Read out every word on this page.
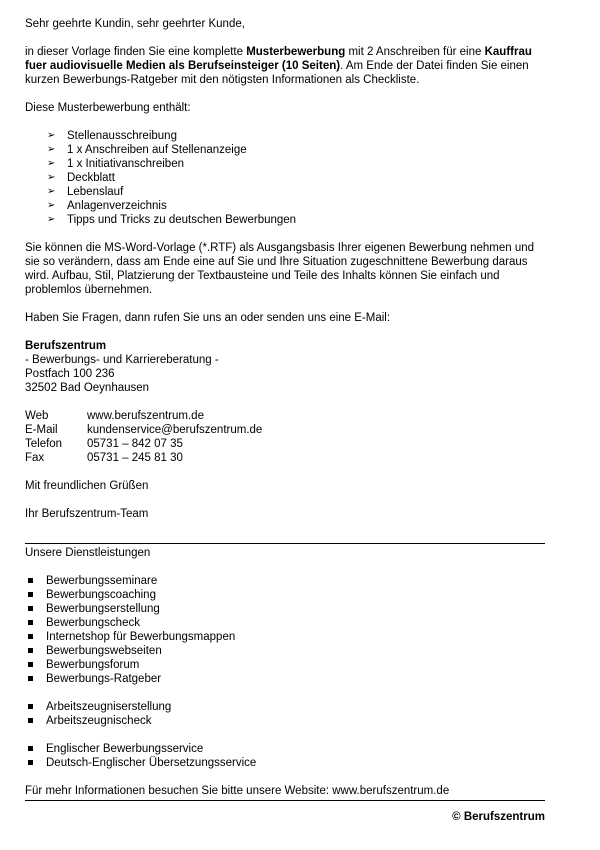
Sehr geehrte Kundin, sehr geehrter Kunde,

in dieser Vorlage finden Sie eine komplette Musterbewerbung mit 2 Anschreiben für eine Kauffrau fuer audiovisuelle Medien als Berufseinsteiger (10 Seiten). Am Ende der Datei finden Sie einen kurzen Bewerbungs-Ratgeber mit den nötigsten Informationen als Checkliste.

Diese Musterbewerbung enthält:

➢ Stellenausschreibung
➢ 1 x Anschreiben auf Stellenanzeige
➢ 1 x Initiativanschreiben
➢ Deckblatt
➢ Lebenslauf
➢ Anlagenverzeichnis
➢ Tipps und Tricks zu deutschen Bewerbungen

Sie können die MS-Word-Vorlage (*.RTF) als Ausgangsbasis Ihrer eigenen Bewerbung nehmen und sie so verändern, dass am Ende eine auf Sie und Ihre Situation zugeschnittene Bewerbung daraus wird. Aufbau, Stil, Platzierung der Textbausteine und Teile des Inhalts können Sie einfach und problemlos übernehmen.

Haben Sie Fragen, dann rufen Sie uns an oder senden uns eine E-Mail:

Berufszentrum

- Bewerbungs- und Karriereberatung -

Postfach 100 236

32502 Bad Oeynhausen

Web	www.berufszentrum.de
E-Mail	kundenservice@berufszentrum.de
Telefon	05731 – 842 07 35
Fax	05731 – 245 81 30

Mit freundlichen Grüßen

Ihr Berufszentrum-Team

Unsere Dienstleistungen

Bewerbungsseminare
Bewerbungscoaching
Bewerbungserstellung
Bewerbungscheck
Internetshop für Bewerbungsmappen
Bewerbungswebseiten
Bewerbungsforum
Bewerbungs-Ratgeber
Arbeitszeugniserstellung
Arbeitszeugnischeck
Englischer Bewerbungsservice
Deutsch-Englischer Übersetzungsservice

Für mehr Informationen besuchen Sie bitte unsere Website: www.berufszentrum.de

© Berufszentrum
